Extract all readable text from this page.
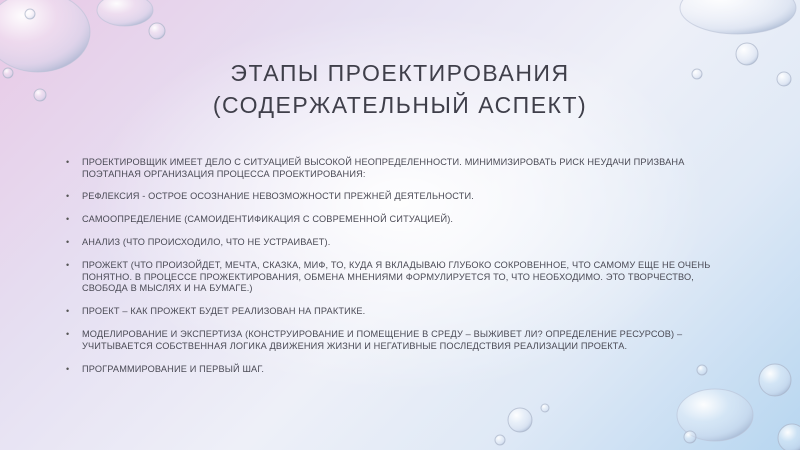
ЭТАПЫ ПРОЕКТИРОВАНИЯ
(СОДЕРЖАТЕЛЬНЫЙ АСПЕКТ)
• ПРОЕКТИРОВЩИК ИМЕЕТ ДЕЛО С СИТУАЦИЕЙ ВЫСОКОЙ НЕОПРЕДЕЛЕННОСТИ. МИНИМИЗИРОВАТЬ РИСК НЕУДАЧИ ПРИЗВАНА ПОЭТАПНАЯ ОРГАНИЗАЦИЯ ПРОЦЕССА ПРОЕКТИРОВАНИЯ:
• РЕФЛЕКСИЯ - ОСТРОЕ ОСОЗНАНИЕ НЕВОЗМОЖНОСТИ ПРЕЖНЕЙ ДЕЯТЕЛЬНОСТИ.
• САМООПРЕДЕЛЕНИЕ (САМОИДЕНТИФИКАЦИЯ С СОВРЕМЕННОЙ СИТУАЦИЕЙ).
• АНАЛИЗ (ЧТО ПРОИСХОДИЛО, ЧТО НЕ УСТРАИВАЕТ).
• ПРОЖЕКТ (ЧТО ПРОИЗОЙДЕТ, МЕЧТА, СКАЗКА, МИФ, ТО, КУДА Я ВКЛАДЫВАЮ ГЛУБОКО СОКРОВЕННОЕ, ЧТО САМОМУ ЕЩЕ НЕ ОЧЕНЬ ПОНЯТНО. В ПРОЦЕССЕ ПРОЖЕКТИРОВАНИЯ, ОБМЕНА МНЕНИЯМИ ФОРМУЛИРУЕТСЯ ТО, ЧТО НЕОБХОДИМО. ЭТО ТВОРЧЕСТВО, СВОБОДА В МЫСЛЯХ И НА БУМАГЕ.)
• ПРОЕКТ – КАК ПРОЖЕКТ БУДЕТ РЕАЛИЗОВАН НА ПРАКТИКЕ.
• МОДЕЛИРОВАНИЕ И ЭКСПЕРТИЗА (КОНСТРУИРОВАНИЕ И ПОМЕЩЕНИЕ В СРЕДУ – ВЫЖИВЕТ ЛИ? ОПРЕДЕЛЕНИЕ РЕСУРСОВ) – УЧИТЫВАЕТСЯ СОБСТВЕННАЯ ЛОГИКА ДВИЖЕНИЯ ЖИЗНИ И НЕГАТИВНЫЕ ПОСЛЕДСТВИЯ РЕАЛИЗАЦИИ ПРОЕКТА.
• ПРОГРАММИРОВАНИЕ И ПЕРВЫЙ ШАГ.
